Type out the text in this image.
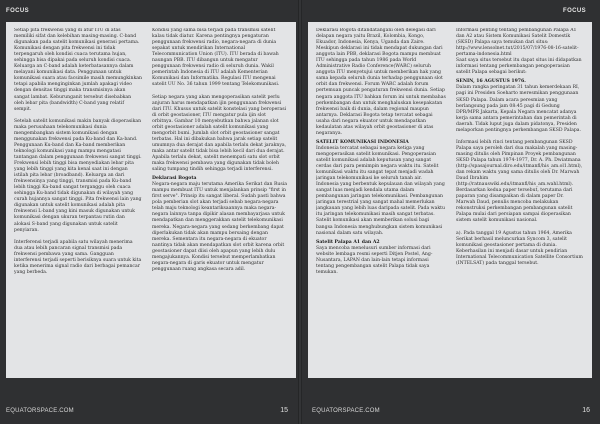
FOCUS
Setiap pita frekwensi yang di atur ITU di atas memiliki sifat dan kelebihan masing-masing. C-band digunakan pada satelit komunikasi generasi pertama. Komunikasi dengan pita frekwensi ini tidak terpengaruh oleh kondisi cuaca terutama hujan, sehingga bisa dipakai pada seluruh kondisi cuaca. Keluarga an C-band adalah keterbatasannya dalam melayani komunikasi data. Penggunaan untuk komunikasi suara atau facsimile masih memungkinkan tetapi apabila menginginkan jumlah apakagi video dengan densitas tinggi maka transmisinya akan sangat lambat. Keburunganit tersebut disebabkan oleh lebar pita (bandwidth) C-band yang relatif sempit.

Setelah satelit komunikasi makin banyak dioperasikan maka perusahaan telekomunikasi dunia mengembangkan sistem komunikasi dengan menggunakan frekwensi pada Ku-band dan Ka-band. Penggunaan Ku-band dan Ka-band memberikan teknologi komunikasi yang mampu mengatasi tantangan dalam penggunaan frekwensi sangat tinggi. Frekwensi lebih tinggi bisa menyediakan lebar pita yang lebih tinggi yang kita kenal saat ini dengan istilah pita lebar (broadband). Keluarga an dari frekwensinya yang tinggi, transmisi pada Ku-band lebih tinggi Ka-band sangat terganggu oleh cuaca sehingga Ku-band tidak digunakan di wilayah yang curah hujannya sangat tinggi. Pita frekwensi lain yang digunakan untuk satelit komunikasi adalah pita frekwensi L-band yang kini masuk digunakan untuk komunikasi dengan ukuran terpantau rutin dan alokasi S-band yang digunakan untuk satelit penyiaran.

Interferensi terjadi apabila satu wilayah menerima dua atau lebih pancaran signal transmisi pada frekwensi pembawa yang sama. Gangguan interferensi terjadi seperti berisiknya suara untuk kita ketika menerima signal radio dari berbagai pemancar yang berbeda.
Kondisi yang sama bisa terjadi pada transmisi satelit kalau tidak diatur. Karena pentingnya pengaturan penggunaan frekwensi radio, negara-negara di dunia sepakat untuk mendirikan International Telecommunication Union (ITU). ITU berada di bawah naungan PBB. ITU dibangun untuk mengatur penggunaan frekwensi radio di seluruh dunia. Wakil pemerintah Indonesia di ITU adalah Kementerian Komunikasi dan Informatika. Regulasi ITU mengenai satelit UU No. 36 tahun 1999 tentang Telekomunikasi.

Setiap negara yang akan mengoperasikan satelit perlu anjuran harus mendapatkan ijin penggunaan frekwensi dari ITU. Khusus untuk satelit konstelasi yang beroperasi di orbit geostasioner, ITU mengatur pula ijin slot orbitnya. Gambar 10 menyebutkan bahwa jalanan slot orbit geostasioner adalah satelit komunikasi yang mengorbit bumi. Jumlah slot orbit geostasioner sangat terbatas. Hal ini dibakukan bahwa jarak setiap satelit umumnya dua derajat dan apabila terlalu dekat jaraknya, maka antar satelit tidak bisa lebih kecil dari dua derajat. Apabila terlalu dekat, satelit menempati satu slot orbit maka frekwensi pembawa yang digunakan tidak boleh saling tumpang tindih sehingga terjadi interferensi.

Deklarasi Bogota
Negara-negara maju terutama Amerika Serikat dan Rusia mampu membuat ITU untuk menjalankan prinsip "first in first serve". Prinsip itu sangat liberal. Sudah pasti bahwa pola pemberian slot akan terjadi sebab negara-negara telah maju teknologi keantariksaannya maka negara-negara lainnya tanpa dipikir alasan membayarjasa untuk mendapatkan dan menggerakkan satelit telekomunikasi mereka. Negara-negara yang sedang berkembang dapat diperlakukan tidak akan mampu bersaing dengan mereka. Sementara itu negara-negara di ekuator nantinya tidak akan mendapatkan slot orbit karena orbit geostasioner dapat diisi oleh apapun yang lebih dulu mengajukannya. Kondisi tersebut memperlambatkan negara-negara di garis ekuator untuk mengatur penggunaan ruang angkasa secara adil.
EQUATORSPACE.COM	15
FOCUS
Deklarasi Bogota ditandatangani oleh delegasi dari delapan negara yaitu Brazil, Kolombia, Kongo, Ekuador, Indonesia, Kenya, Uganda dan Zaire. Meskipun deklarasi ini tidak mendapat dukungan dari anggota lain PBB, deklarasi Bogota mampu membuat ITU sehingga pada tahun 1986 pada World Administrative Radio Conference(WARC) seluruh anggota ITU menyetujui untuk memberikan hak yang sama kepada seluruh dunia terhadap penggunaan slot orbit dan frekwensi. Forum WARC adalah forum pertemuan puncak pengaturan frekwensi dunia. Setiap negara anggota ITU bahkan forum ini untuk membahas perkembangan dan untuk menghaluskan kesepakatan frekwensi baik di dunia, dalam regional maupun antarnya. Deklarasi Bogota tetap tercatat sebagai usaha dari negara ekuator untuk mendapatkan kedaulatan atas wilayah orbit geostasioner di atas negaranya.

SATELIT KOMUNIKASI INDONESIA
Indonesia tercatat sebagai negara ketiga yang mengoperasikan satelit komunikasi. Pengoperasian satelit komunikasi adalah keputusan yang sangat cerdas dari para pemimpin negara waktu itu. Satelit komunikasi waktu itu sangat tepat menjadi wadah jaringan telekomunikasi ke seluruh tanah air. Indonesia yang berbentuk kepulauan dan wilayah yang sangat luas menjadi kendala utama dalam pembangunan jaringan telekomunikasi. Pembangunan jaringan terestrial yang sangat mahal memerlukan jangkauan yang lebih luas daripada satelit. Pada waktu itu jaringan telekomunikasi masih sangat terbatas. Satelit komunikasi akan memberikan solusi bagi bangsa Indonesia menghubungkan sistem komunikasi nasional dalam satu wilayah.

Satelit Palapa A1 dan A2
Saya mencoba menelusuri sumber informasi dari website lembaga resmi seperti Ditjen Postel, Ang-Nusantara, LAPAN dan lain-lain tetapi informasi tentang pengembangan satelit Palapa tidak saya temukan.
Informasi penting tentang pembangunan Palapa A1 dan A2 atau Sistem Komunikasi Satelit Domestik (SKSD) Palapa saya temukan dari situs:
http://www.lensolnet.tut/2015/07/1976-08-16-satelit-pertama-indonesia.html
Saat saya situs tersebut itu dapat situs ini didapatkan informasi tentang perkembangan pengoperasian satelit Palapa sebagai berikut:

SENIN, 16 AGUSTUS 1976.
Dalam rangka peringatan 31 tahun kemerdekaan RI, pagi ini Presiden Soeharto meresmikan penggunaan SKSD Palapa. Dalam acara peresmian yang berlangsung pada jam 08:45 pagi di Gedung DPR/MPR Jakarta, Kepala Negara mencatat adanya kerja sama antara pemerintahan dan pemerintah di daerah. Tidak luput juga dalam pidatonya, Presiden melaporkan pentingnya perkembangan SKSD Palapa.

Informasi lebih rinci tentang pembangunan SKSD Palapa saya peroleh dari dua makalah yang masing-masing ditulis oleh Pimpinan Proyek pembangunan SKSD Palapa tahun 1974-1977, Dr. A. Ph. Dwiatmana (http://spasajournal.diro.edu/itmanfl/his_am.ol1.html), dan rekam waktu yang sama ditulis oleh Dr. Marwah Daud Ibrahim (http://ratnauswiki.edu/itmanfl/his_am.wahl.html). Berdasarkan kedua paper tersebut, terutama dari paparan yang disampaikan di dalam paper Dr. Marwah Daud, penulis mencoba melakukan rekonstruksi perkembangan pembangunan satelit Palapa mulai dari persiapan sampai dioperasikan sistem satelit komunikasi nasional.

a). Pada tanggal 19 Agustus tahun 1964, Amerika Serikat berhasil meluncurkan Syncom 3, satelit komunikasi geostasioner pertama di dunia. Keberhasilan ini menjadi dasar untuk pendirian International Telecommunication Satellite Consortium (INTELSAT) pada tanggal tersebut.
EQUATORSPACE.COM	16
